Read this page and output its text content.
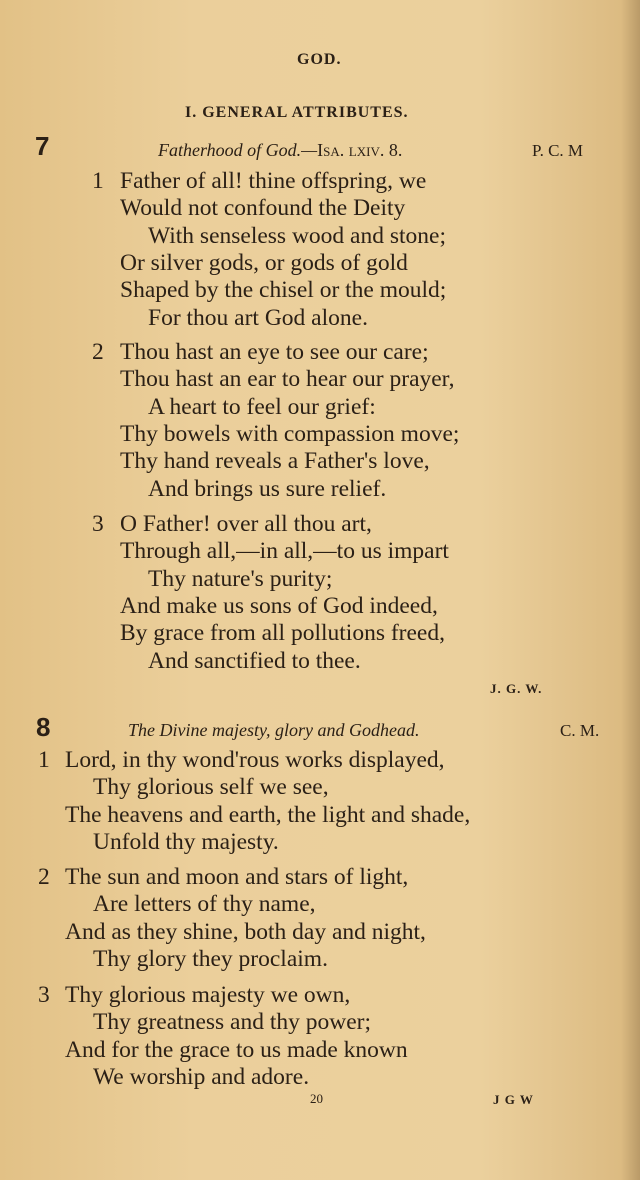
GOD.
I. GENERAL ATTRIBUTES.
7	Fatherhood of God.—Isa. lxiv. 8.	P. C. M
1 Father of all! thine offspring, we
Would not confound the Deity
With senseless wood and stone;
Or silver gods, or gods of gold
Shaped by the chisel or the mould;
For thou art God alone.
2 Thou hast an eye to see our care;
Thou hast an ear to hear our prayer,
A heart to feel our grief:
Thy bowels with compassion move;
Thy hand reveals a Father's love,
And brings us sure relief.
3 O Father! over all thou art,
Through all,—in all,—to us impart
Thy nature's purity;
And make us sons of God indeed,
By grace from all pollutions freed,
And sanctified to thee.
J. G. W.
8	The Divine majesty, glory and Godhead.	C. M.
1 Lord, in thy wond'rous works displayed,
Thy glorious self we see,
The heavens and earth, the light and shade,
Unfold thy majesty.
2 The sun and moon and stars of light,
Are letters of thy name,
And as they shine, both day and night,
Thy glory they proclaim.
3 Thy glorious majesty we own,
Thy greatness and thy power;
And for the grace to us made known
We worship and adore.
20	J G W
